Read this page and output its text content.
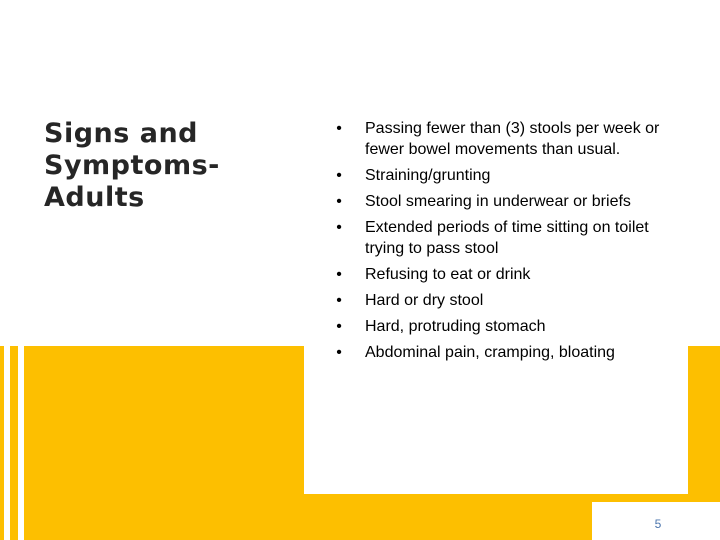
Signs and
Symptoms-
Adults
• Passing fewer than (3) stools per week or fewer bowel movements than usual.
• Straining/grunting
• Stool smearing in underwear or briefs
• Extended periods of time sitting on toilet trying to pass stool
• Refusing to eat or drink
• Hard or dry stool
• Hard, protruding stomach
• Abdominal pain, cramping, bloating
5
